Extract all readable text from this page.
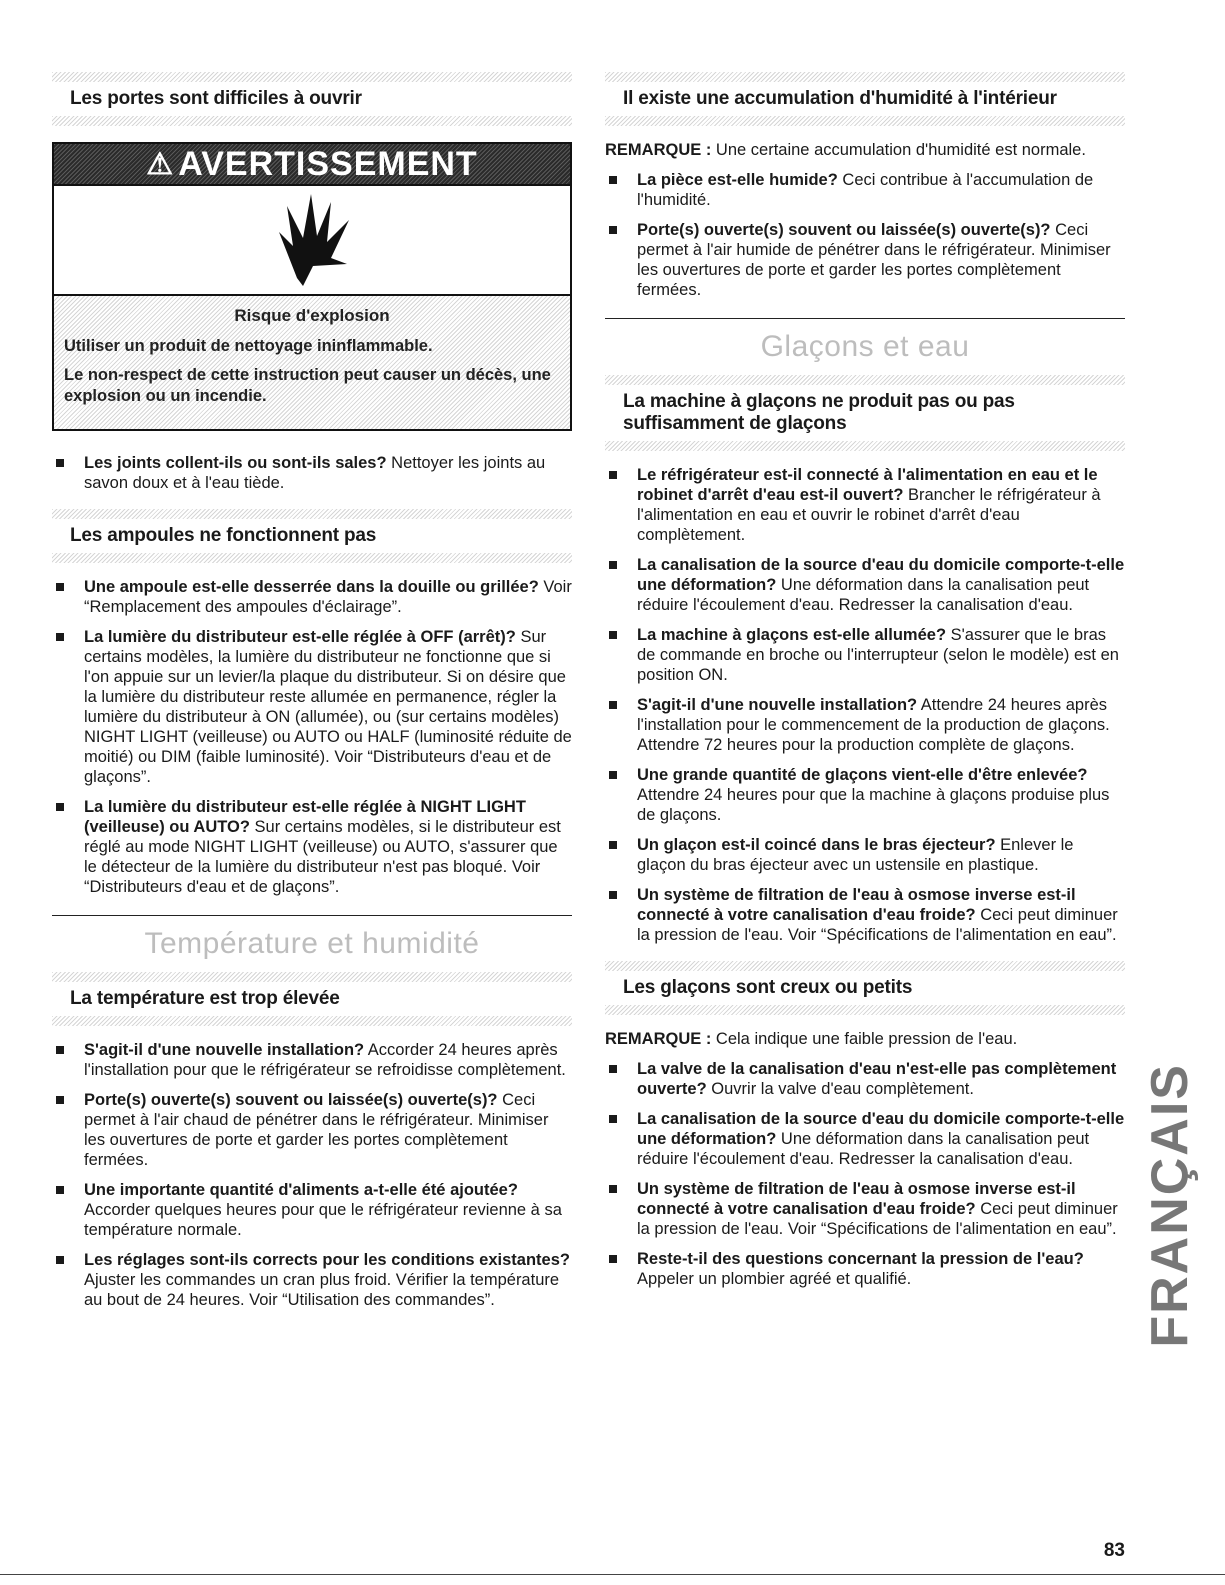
Les portes sont difficiles à ouvrir
⚠ AVERTISSEMENT
Risque d'explosion
Utiliser un produit de nettoyage ininflammable.
Le non-respect de cette instruction peut causer un décès, une explosion ou un incendie.
Les joints collent-ils ou sont-ils sales? Nettoyer les joints au savon doux et à l'eau tiède.
Les ampoules ne fonctionnent pas
Une ampoule est-elle desserrée dans la douille ou grillée? Voir “Remplacement des ampoules d'éclairage”.
La lumière du distributeur est-elle réglée à OFF (arrêt)? Sur certains modèles, la lumière du distributeur ne fonctionne que si l'on appuie sur un levier/la plaque du distributeur. Si on désire que la lumière du distributeur reste allumée en permanence, régler la lumière du distributeur à ON (allumée), ou (sur certains modèles) NIGHT LIGHT (veilleuse) ou AUTO ou HALF (luminosité réduite de moitié) ou DIM (faible luminosité). Voir “Distributeurs d'eau et de glaçons”.
La lumière du distributeur est-elle réglée à NIGHT LIGHT (veilleuse) ou AUTO? Sur certains modèles, si le distributeur est réglé au mode NIGHT LIGHT (veilleuse) ou AUTO, s'assurer que le détecteur de la lumière du distributeur n'est pas bloqué. Voir “Distributeurs d'eau et de glaçons”.
Température et humidité
La température est trop élevée
S'agit-il d'une nouvelle installation? Accorder 24 heures après l'installation pour que le réfrigérateur se refroidisse complètement.
Porte(s) ouverte(s) souvent ou laissée(s) ouverte(s)? Ceci permet à l'air chaud de pénétrer dans le réfrigérateur. Minimiser les ouvertures de porte et garder les portes complètement fermées.
Une importante quantité d'aliments a-t-elle été ajoutée? Accorder quelques heures pour que le réfrigérateur revienne à sa température normale.
Les réglages sont-ils corrects pour les conditions existantes? Ajuster les commandes un cran plus froid. Vérifier la température au bout de 24 heures. Voir “Utilisation des commandes”.
Il existe une accumulation d'humidité à l'intérieur

REMARQUE : Une certaine accumulation d'humidité est normale.

La pièce est-elle humide? Ceci contribue à l'accumulation de l'humidité.
Porte(s) ouverte(s) souvent ou laissée(s) ouverte(s)? Ceci permet à l'air humide de pénétrer dans le réfrigérateur. Minimiser les ouvertures de porte et garder les portes complètement fermées.
Glaçons et eau
La machine à glaçons ne produit pas ou pas suffisamment de glaçons
Le réfrigérateur est-il connecté à l'alimentation en eau et le robinet d'arrêt d'eau est-il ouvert? Brancher le réfrigérateur à l'alimentation en eau et ouvrir le robinet d'arrêt d'eau complètement.
La canalisation de la source d'eau du domicile comporte-t-elle une déformation? Une déformation dans la canalisation peut réduire l'écoulement d'eau. Redresser la canalisation d'eau.
La machine à glaçons est-elle allumée? S'assurer que le bras de commande en broche ou l'interrupteur (selon le modèle) est en position ON.
S'agit-il d'une nouvelle installation? Attendre 24 heures après l'installation pour le commencement de la production de glaçons. Attendre 72 heures pour la production complète de glaçons.
Une grande quantité de glaçons vient-elle d'être enlevée? Attendre 24 heures pour que la machine à glaçons produise plus de glaçons.
Un glaçon est-il coincé dans le bras éjecteur? Enlever le glaçon du bras éjecteur avec un ustensile en plastique.
Un système de filtration de l'eau à osmose inverse est-il connecté à votre canalisation d'eau froide? Ceci peut diminuer la pression de l'eau. Voir “Spécifications de l'alimentation en eau”.
Les glaçons sont creux ou petits

REMARQUE : Cela indique une faible pression de l'eau.

La valve de la canalisation d'eau n'est-elle pas complètement ouverte? Ouvrir la valve d'eau complètement.
La canalisation de la source d'eau du domicile comporte-t-elle une déformation? Une déformation dans la canalisation peut réduire l'écoulement d'eau. Redresser la canalisation d'eau.
Un système de filtration de l'eau à osmose inverse est-il connecté à votre canalisation d'eau froide? Ceci peut diminuer la pression de l'eau. Voir “Spécifications de l'alimentation en eau”.
Reste-t-il des questions concernant la pression de l'eau? Appeler un plombier agréé et qualifié.	FRANÇAIS
83
